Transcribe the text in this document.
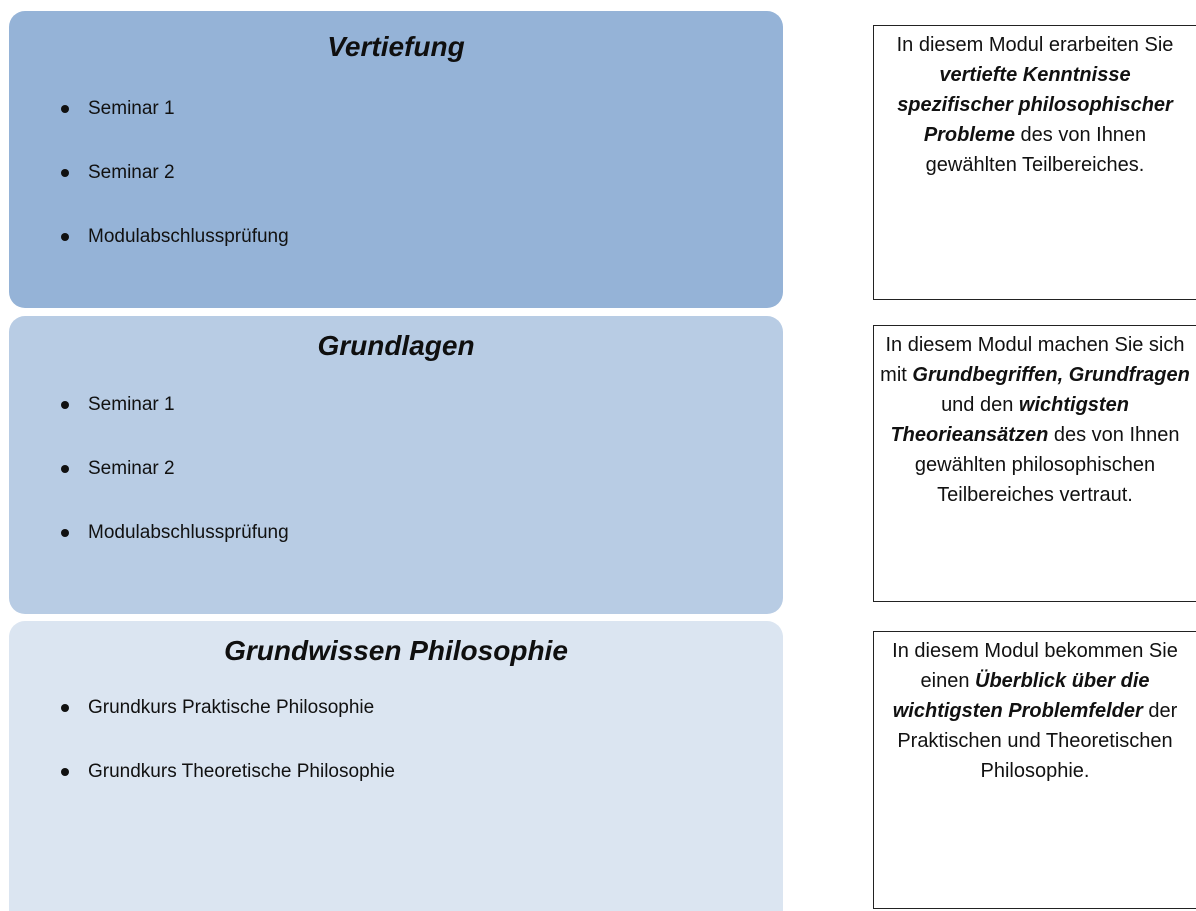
Vertiefung
Seminar 1
Seminar 2
Modulabschlussprüfung
Grundlagen
Seminar 1
Seminar 2
Modulabschlussprüfung
Grundwissen Philosophie
Grundkurs Praktische Philosophie
Grundkurs Theoretische Philosophie
In diesem Modul erarbeiten Sie vertiefte Kenntnisse spezifischer philosophischer Probleme des von Ihnen gewählten Teilbereiches.
In diesem Modul machen Sie sich mit Grundbegriffen, Grundfragen und den wichtigsten Theorieansätzen des von Ihnen gewählten philosophischen Teilbereiches vertraut.
In diesem Modul bekommen Sie einen Überblick über die wichtigsten Problemfelder der Praktischen und Theoretischen Philosophie.
